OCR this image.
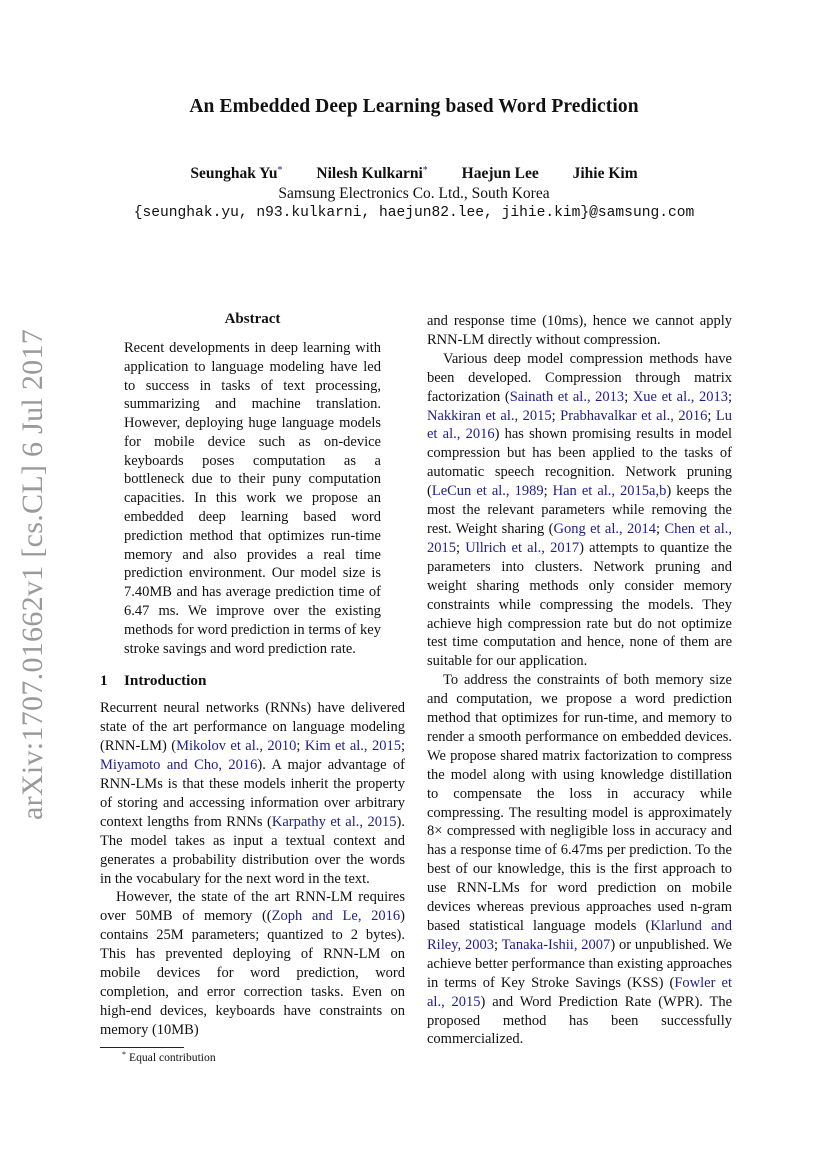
An Embedded Deep Learning based Word Prediction
Seunghak Yu* Nilesh Kulkarni* Haejun Lee Jihie Kim
Samsung Electronics Co. Ltd., South Korea
{seunghak.yu, n93.kulkarni, haejun82.lee, jihie.kim}@samsung.com
arXiv:1707.01662v1 [cs.CL] 6 Jul 2017
Abstract
Recent developments in deep learning with application to language modeling have led to success in tasks of text processing, summarizing and machine translation. However, deploying huge language models for mobile device such as on-device keyboards poses computation as a bottleneck due to their puny computation capacities. In this work we propose an embedded deep learning based word prediction method that optimizes run-time memory and also provides a real time prediction environment. Our model size is 7.40MB and has average prediction time of 6.47 ms. We improve over the existing methods for word prediction in terms of key stroke savings and word prediction rate.
1 Introduction

Recurrent neural networks (RNNs) have delivered state of the art performance on language modeling (RNN-LM) (Mikolov et al., 2010; Kim et al., 2015; Miyamoto and Cho, 2016). A major advantage of RNN-LMs is that these models inherit the property of storing and accessing information over arbitrary context lengths from RNNs (Karpathy et al., 2015). The model takes as input a textual context and generates a probability distribution over the words in the vocabulary for the next word in the text.

However, the state of the art RNN-LM requires over 50MB of memory ((Zoph and Le, 2016) contains 25M parameters; quantized to 2 bytes). This has prevented deploying of RNN-LM on mobile devices for word prediction, word completion, and error correction tasks. Even on high-end devices, keyboards have constraints on memory (10MB)

and response time (10ms), hence we cannot apply RNN-LM directly without compression.

Various deep model compression methods have been developed. Compression through matrix factorization (Sainath et al., 2013; Xue et al., 2013; Nakkiran et al., 2015; Prabhavalkar et al., 2016; Lu et al., 2016) has shown promising results in model compression but has been applied to the tasks of automatic speech recognition. Network pruning (LeCun et al., 1989; Han et al., 2015a,b) keeps the most the relevant parameters while removing the rest. Weight sharing (Gong et al., 2014; Chen et al., 2015; Ullrich et al., 2017) attempts to quantize the parameters into clusters. Network pruning and weight sharing methods only consider memory constraints while compressing the models. They achieve high compression rate but do not optimize test time computation and hence, none of them are suitable for our application.

To address the constraints of both memory size and computation, we propose a word prediction method that optimizes for run-time, and memory to render a smooth performance on embedded devices. We propose shared matrix factorization to compress the model along with using knowledge distillation to compensate the loss in accuracy while compressing. The resulting model is approximately 8× compressed with negligible loss in accuracy and has a response time of 6.47ms per prediction. To the best of our knowledge, this is the first approach to use RNN-LMs for word prediction on mobile devices whereas previous approaches used n-gram based statistical language models (Klarlund and Riley, 2003; Tanaka-Ishii, 2007) or unpublished. We achieve better performance than existing approaches in terms of Key Stroke Savings (KSS) (Fowler et al., 2015) and Word Prediction Rate (WPR). The proposed method has been successfully commercialized.

* Equal contribution
